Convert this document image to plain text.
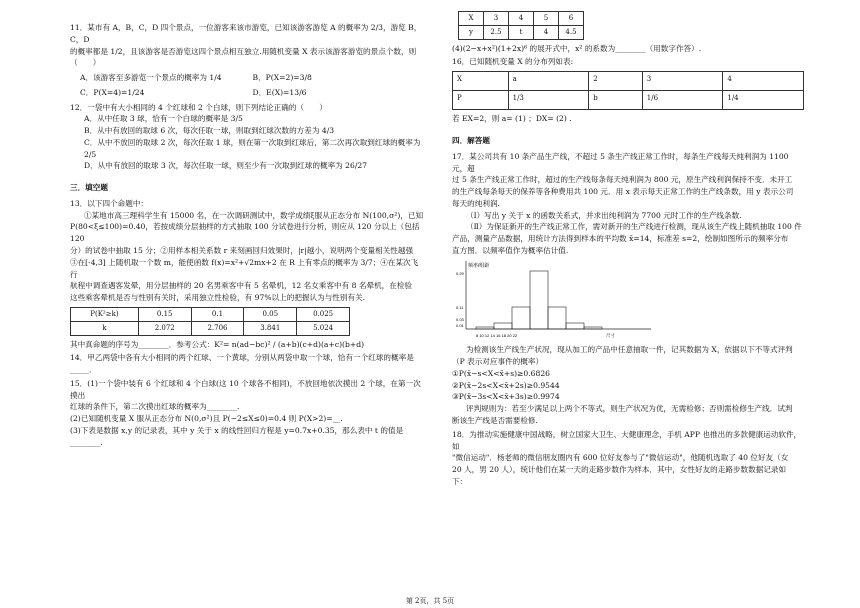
11．某市有 A，B，C，D 四个景点，一位游客来该市游览，已知该游客游览 A 的概率为 2/3，游览 B，C，D

的概率都是 1/2，且该游客是否游览这四个景点相互独立.用随机变量 X 表示该游客游览的景点个数，则

（　　）

A．该游客至多游览一个景点的概率为 1/4	B．P(X=2)=3/8
C．P(X=4)=1/24	D．E(X)=13/6

12．一袋中有大小相同的 4 个红球和 2 个白球，则下列结论正确的（　　）

A．从中任取 3 球，恰有一个白球的概率是 3/5

B．从中有放回的取球 6 次，每次任取一球，则取到红球次数的方差为 4/3

C．从中不放回的取球 2 次，每次任取 1 球，则在第一次取到红球后，第二次再次取到红球的概率为

2/5

D．从中有放回的取球 3 次，每次任取一球，则至少有一次取到红球的概率为 26/27

三．填空题

13．以下四个命题中：

①某地市高三理科学生有 15000 名，在一次调研测试中，数学成绩ξ服从正态分布 N(100,σ²)，已知

P(80<ξ≤100)=0.40，若按成绩分层抽样的方式抽取 100 分试卷进行分析，则应从 120 分以上（包括 120

分）的试卷中抽取 15 分；②用样本相关系数 r 来刻画回归效果时，|r|越小，说明两个变量相关性越强

③在[-4,3] 上随机取一个数 m，能使函数 f(x)=x²+√2mx+2 在 R 上有零点的概率为 3/7；④在某次飞行

航程中调查遇客发晕，用分层抽样的 20 名男乘客中有 5 名晕机，12 名女乘客中有 8 名晕机，在检验

这些乘客晕机是否与性别有关时，采用独立性检验，有 97%以上的把握认为与性别有关.

P(K²≥k)	0.15	0.1	0.05	0.025
k	2.072	2.706	3.841	5.024

其中真命题的序号为________．参考公式：K²= n(ad−bc)² / (a+b)(c+d)(a+c)(b+d)

14．甲乙两袋中各有大小相同的两个红球、一个黄球，分别从两袋中取一个球，恰有一个红球的概率是_____．

15．(1)一个袋中装有 6 个红球和 4 个白球(这 10 个球各不相同)，不放回地依次摸出 2 个球，在第一次摸出

红球的条件下，第二次摸出红球的概率为________.

(2)已知随机变量 X 服从正态分布 N(0,σ²)且 P(−2≤X≤0)=0.4 则 P(X>2)=__.

(3)下表是数据 x,y 的记录表，其中 y 关于 x 的线性回归方程是 y=0.7x+0.35，那么表中 t 的值是

________.

X	3	4	5	6
y	2.5	t	4	4.5

(4)(2−x+x²)(1+2x)⁶ 的展开式中，x² 的系数为________（用数字作答）.

16．已知随机变量 X 的分布列如表:

X	a	2	3	4
P	1/3	b	1/6	1/4

若 EX=2，则 a= (1) ；DX= (2) .

四．解答题

17．某公司共有 10 条产品生产线，不超过 5 条生产线正常工作时，每条生产线每天纯利润为 1100 元，超

过 5 条生产线正常工作时，超过的生产线每条每天纯利润为 800 元，原生产线利润保持不变．未开工

的生产线每条每天的保养等各种费用共 100 元．用 x 表示每天正常工作的生产线条数，用 y 表示公司

每天的纯利润.

（Ⅰ）写出 y 关于 x 的函数关系式，并求出纯利润为 7700 元时工作的生产线条数.

（Ⅱ）为保证新开的生产线正常工作，需对新开的生产线进行检测，现从该生产线上随机抽取 100 件

产品，测量产品数据，用统计方法得到样本的平均数 x̄=14，标准差 s=2，绘制如图所示的频率分布

直方图．以频率值作为概率估计值.

频率/组距
0.29
0.11
0.03
0.01
8 10 12 14 16 18 20 22	尺寸

为检测该生产线生产状况，现从加工的产品中任意抽取一件，记其数据为 X，依据以下不等式评判

（P 表示对应事件的概率）

①P(x̄−s<X<x̄+s)≥0.6826

②P(x̄−2s<X<x̄+2s)≥0.9544

③P(x̄−3s<X<x̄+3s)≥0.9974

评判规则为：若至少满足以上两个不等式，则生产状况为优，无需检修；否则需检修生产线．试判

断该生产线是否需要检修.

18．为推动实施健康中国战略，树立国家大卫生、大健康理念，手机 APP 也推出的多款健康运动软件，如

"微信运动"．杨老师的微信朋友圈内有 600 位好友参与了"微信运动"，他随机选取了 40 位好友（女

20 人，男 20 人），统计他们在某一天的走路步数作为样本．其中，女性好友的走路步数数据记录如

下：

第 2页，共 5页
